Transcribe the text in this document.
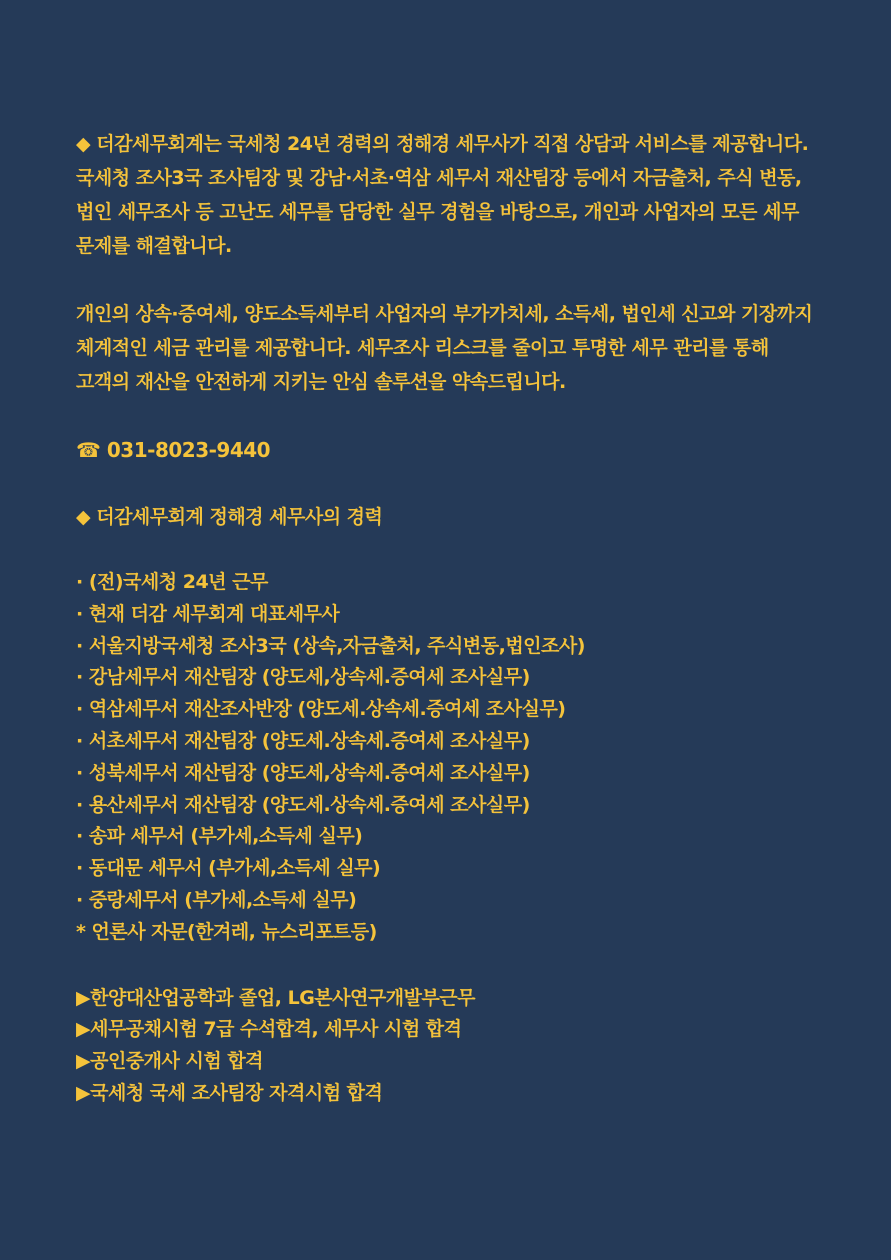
◆ 더감세무회계는 국세청 24년 경력의 정해경 세무사가 직접 상담과 서비스를 제공합니다. 국세청 조사3국 조사팀장 및 강남·서초·역삼 세무서 재산팀장 등에서 자금출처, 주식 변동, 법인 세무조사 등 고난도 세무를 담당한 실무 경험을 바탕으로, 개인과 사업자의 모든 세무 문제를 해결합니다.

개인의 상속·증여세, 양도소득세부터 사업자의 부가가치세, 소득세, 법인세 신고와 기장까지 체계적인 세금 관리를 제공합니다. 세무조사 리스크를 줄이고 투명한 세무 관리를 통해 고객의 재산을 안전하게 지키는 안심 솔루션을 약속드립니다.

☎ 031-8023-9440
◆ 더감세무회계 정해경 세무사의 경력
· (전)국세청 24년 근무
· 현재 더감 세무회계 대표세무사
· 서울지방국세청 조사3국 (상속,자금출처, 주식변동,법인조사)
· 강남세무서 재산팀장 (양도세,상속세.증여세 조사실무)
· 역삼세무서 재산조사반장 (양도세.상속세.증여세 조사실무)
· 서초세무서 재산팀장 (양도세.상속세.증여세 조사실무)
· 성북세무서 재산팀장 (양도세,상속세.증여세 조사실무)
· 용산세무서 재산팀장 (양도세.상속세.증여세 조사실무)
· 송파 세무서 (부가세,소득세 실무)
· 동대문 세무서 (부가세,소득세 실무)
· 중랑세무서 (부가세,소득세 실무)
* 언론사 자문(한겨레, 뉴스리포트등)
▶한양대산업공학과 졸업, LG본사연구개발부근무
▶세무공채시험 7급 수석합격, 세무사 시험 합격
▶공인중개사 시험 합격
▶국세청 국세 조사팀장 자격시험 합격
